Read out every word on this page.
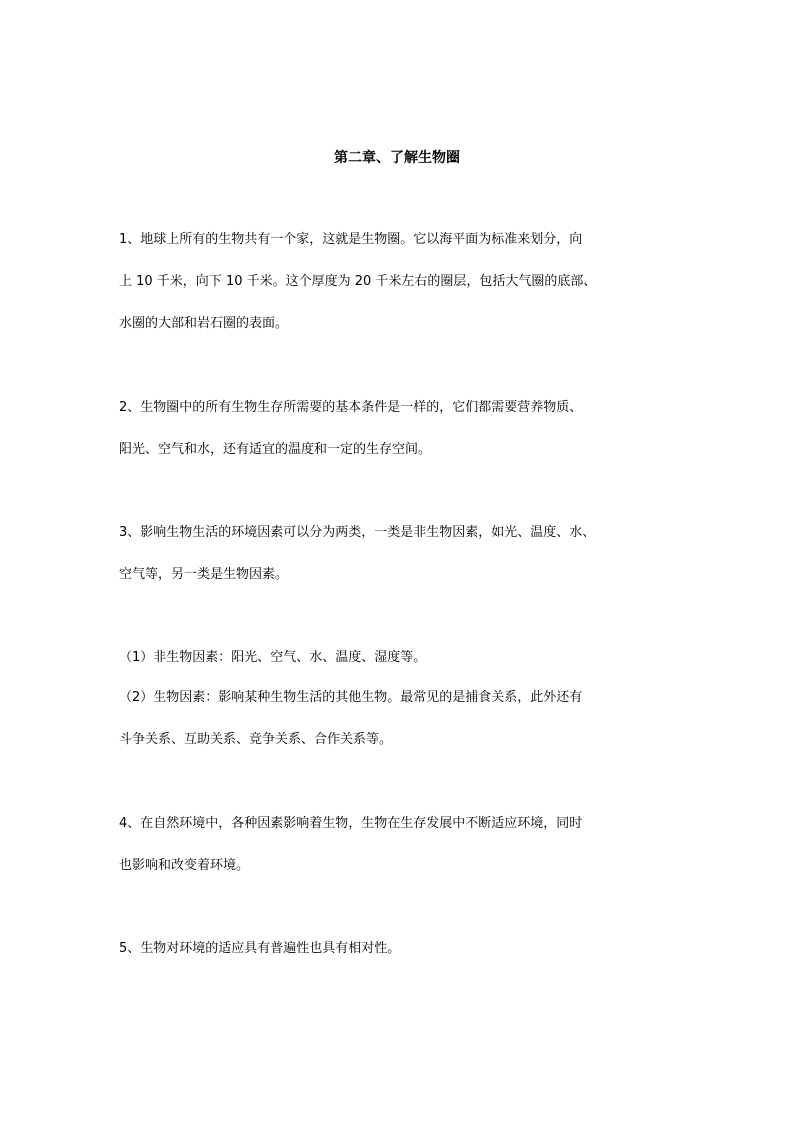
第二章、了解生物圈

1、地球上所有的生物共有一个家，这就是生物圈。它以海平面为标准来划分，向

上 10 千米，向下 10 千米。这个厚度为 20 千米左右的圈层，包括大气圈的底部、

水圈的大部和岩石圈的表面。

2、生物圈中的所有生物生存所需要的基本条件是一样的，它们都需要营养物质、

阳光、空气和水，还有适宜的温度和一定的生存空间。

3、影响生物生活的环境因素可以分为两类，一类是非生物因素，如光、温度、水、

空气等，另一类是生物因素。

（1）非生物因素：阳光、空气、水、温度、湿度等。

（2）生物因素：影响某种生物生活的其他生物。最常见的是捕食关系，此外还有

斗争关系、互助关系、竞争关系、合作关系等。

4、在自然环境中，各种因素影响着生物，生物在生存发展中不断适应环境，同时

也影响和改变着环境。

5、生物对环境的适应具有普遍性也具有相对性。
